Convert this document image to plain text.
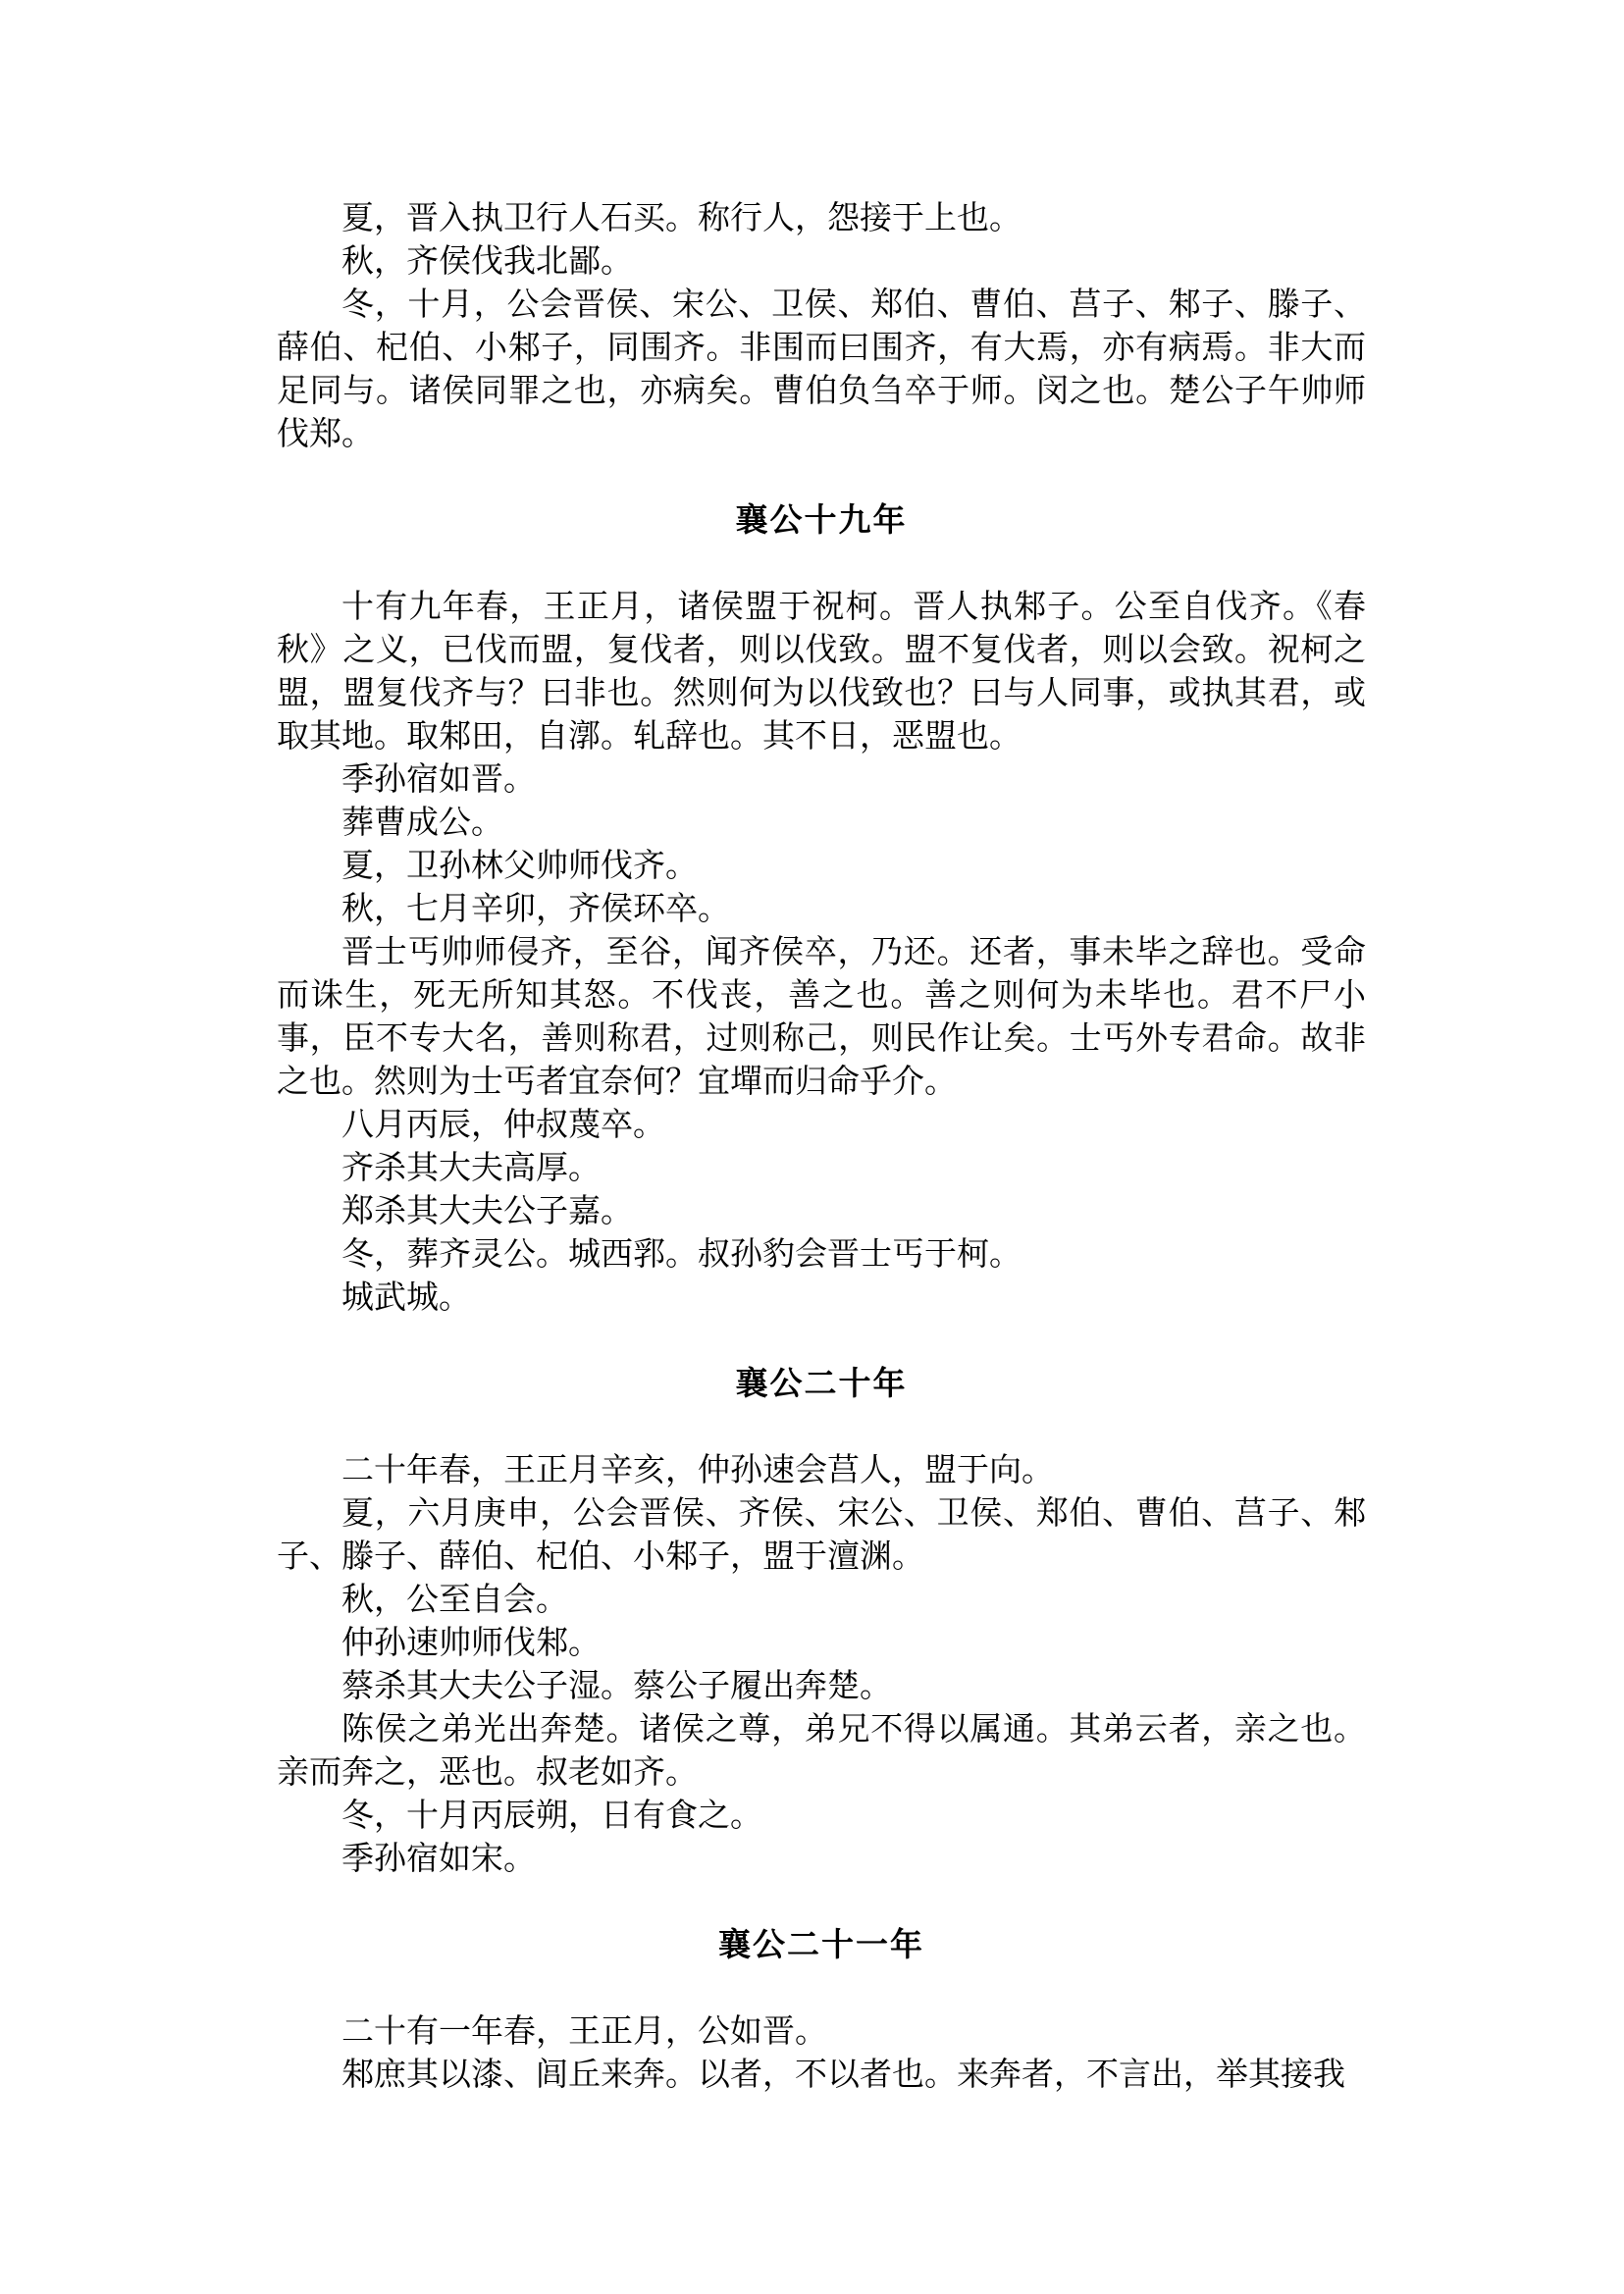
夏，晋入执卫行人石买。称行人，怨接于上也。

秋，齐侯伐我北鄙。

冬，十月，公会晋侯、宋公、卫侯、郑伯、曹伯、莒子、邾子、滕子、薛伯、杞伯、小邾子，同围齐。非围而曰围齐，有大焉，亦有病焉。非大而足同与。诸侯同罪之也，亦病矣。曹伯负刍卒于师。闵之也。楚公子午帅师伐郑。

襄公十九年

十有九年春，王正月，诸侯盟于祝柯。晋人执邾子。公至自伐齐。《春秋》之义，已伐而盟，复伐者，则以伐致。盟不复伐者，则以会致。祝柯之盟，盟复伐齐与？曰非也。然则何为以伐致也？曰与人同事，或执其君，或取其地。取邾田，自漷。轧辞也。其不日，恶盟也。

季孙宿如晋。

葬曹成公。

夏，卫孙林父帅师伐齐。

秋，七月辛卯，齐侯环卒。

晋士丐帅师侵齐，至谷，闻齐侯卒，乃还。还者，事未毕之辞也。受命而诛生，死无所知其怒。不伐丧，善之也。善之则何为未毕也。君不尸小事，臣不专大名，善则称君，过则称己，则民作让矣。士丐外专君命。故非之也。然则为士丐者宜奈何？宜墠而归命乎介。

八月丙辰，仲叔蔑卒。

齐杀其大夫高厚。

郑杀其大夫公子嘉。

冬，葬齐灵公。城西郛。叔孙豹会晋士丐于柯。

城武城。

襄公二十年

二十年春，王正月辛亥，仲孙速会莒人，盟于向。

夏，六月庚申，公会晋侯、齐侯、宋公、卫侯、郑伯、曹伯、莒子、邾子、滕子、薛伯、杞伯、小邾子，盟于澶渊。

秋，公至自会。

仲孙速帅师伐邾。

蔡杀其大夫公子湿。蔡公子履出奔楚。

陈侯之弟光出奔楚。诸侯之尊，弟兄不得以属通。其弟云者，亲之也。亲而奔之，恶也。叔老如齐。

冬，十月丙辰朔，日有食之。

季孙宿如宋。

襄公二十一年

二十有一年春，王正月，公如晋。

邾庶其以漆、闾丘来奔。以者，不以者也。来奔者，不言出，举其接我
